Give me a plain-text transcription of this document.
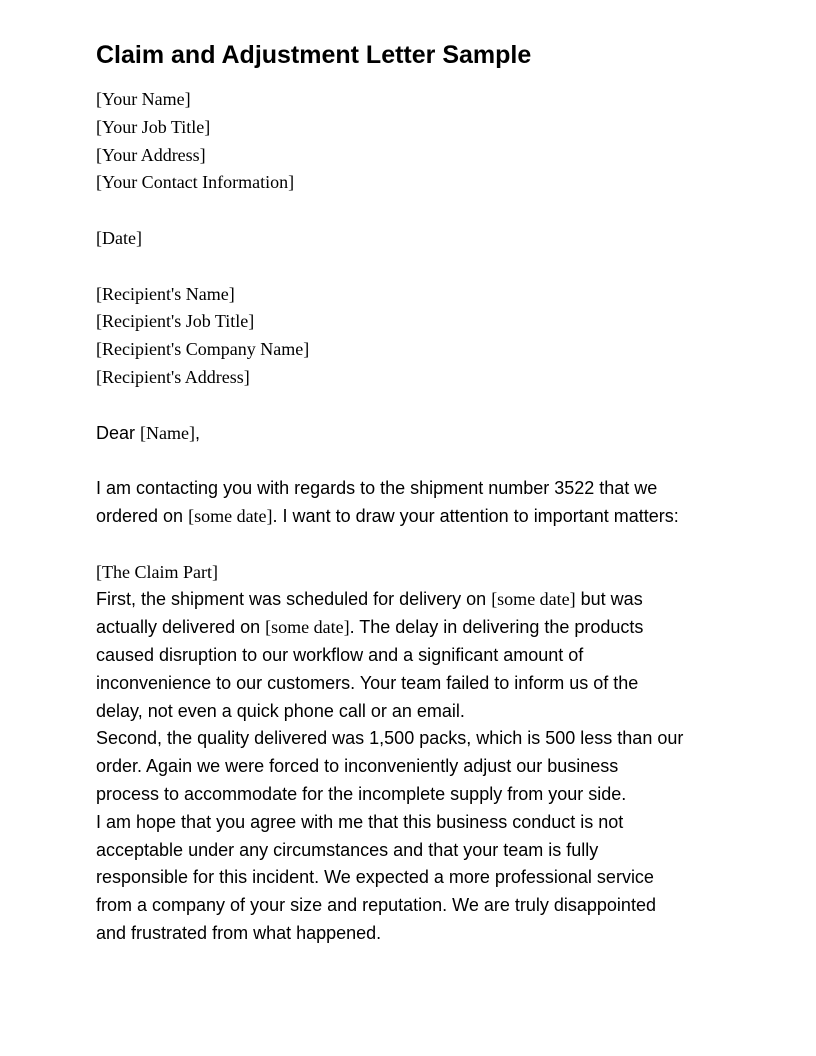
Claim and Adjustment Letter Sample
[Your Name]
[Your Job Title]
[Your Address]
[Your Contact Information]
[Date]
[Recipient's Name]
[Recipient's Job Title]
[Recipient's Company Name]
[Recipient's Address]
Dear [Name],
I am contacting you with regards to the shipment number 3522 that we
ordered on [some date]. I want to draw your attention to important matters:
[The Claim Part]
First, the shipment was scheduled for delivery on [some date] but was
actually delivered on [some date]. The delay in delivering the products
caused disruption to our workflow and a significant amount of
inconvenience to our customers. Your team failed to inform us of the
delay, not even a quick phone call or an email.
Second, the quality delivered was 1,500 packs, which is 500 less than our
order. Again we were forced to inconveniently adjust our business
process to accommodate for the incomplete supply from your side.
I am hope that you agree with me that this business conduct is not
acceptable under any circumstances and that your team is fully
responsible for this incident. We expected a more professional service
from a company of your size and reputation. We are truly disappointed
and frustrated from what happened.
